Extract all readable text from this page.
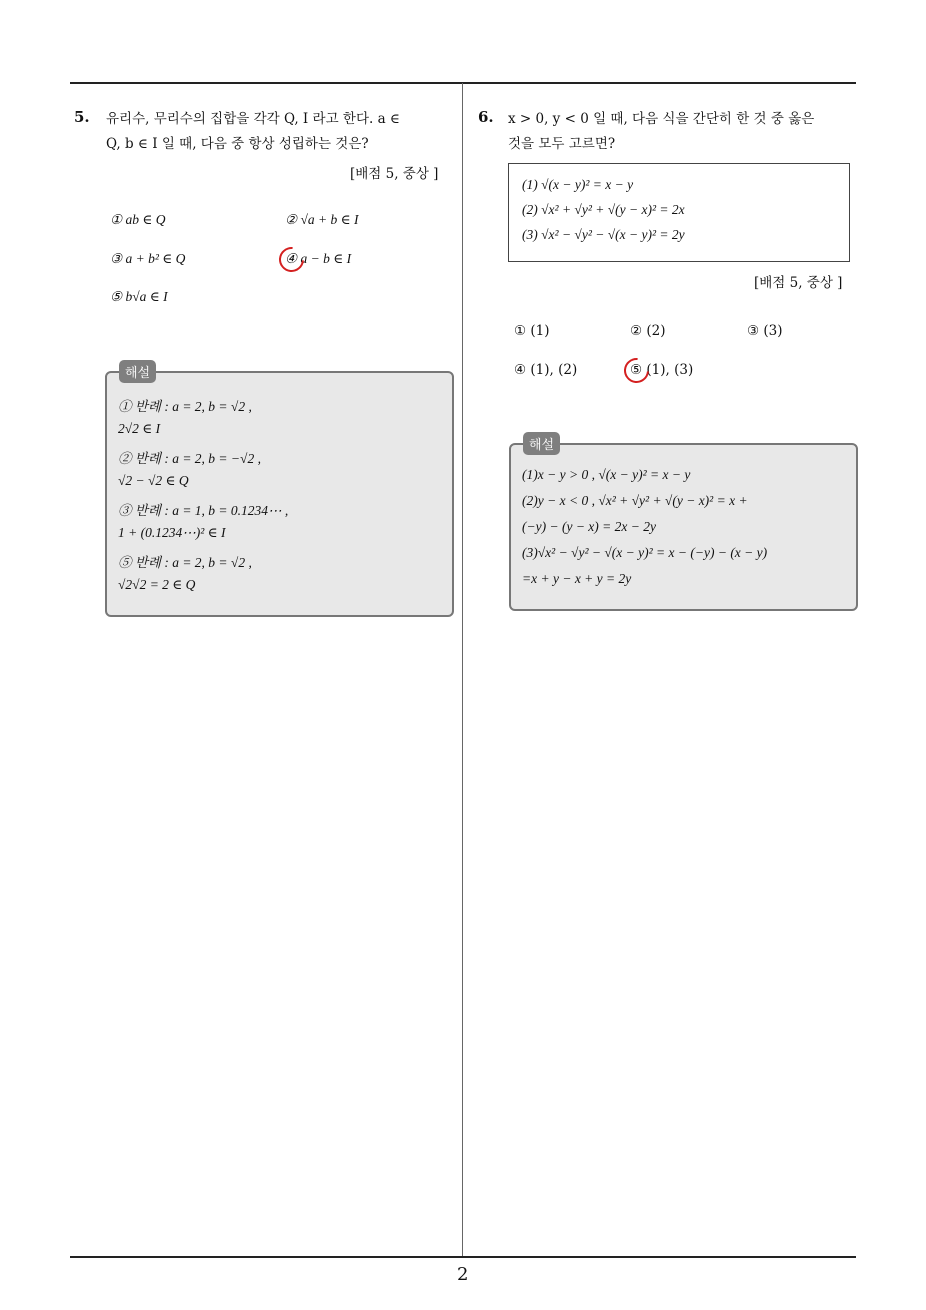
5. 유리수, 무리수의 집합을 각각 Q, I 라고 한다. a ∈
Q, b ∈ I 일 때, 다음 중 항상 성립하는 것은?
[배점 5, 중상 ]
① ab ∈ Q	② √a + b ∈ I
③ a + b² ∈ Q	④ a − b ∈ I
⑤ b√a ∈ I
해설
① 반례 : a = 2, b = √2 ,
2√2 ∈ I
② 반례 : a = 2, b = −√2 ,
√2 − √2 ∈ Q
③ 반례 : a = 1, b = 0.1234⋯ ,
1 + (0.1234⋯)² ∈ I
⑤ 반례 : a = 2, b = √2 ,
√2√2 = 2 ∈ Q
6. x > 0, y < 0 일 때, 다음 식을 간단히 한 것 중 옳은
것을 모두 고르면?
(1) √(x − y)² = x − y
(2) √x² + √y² + √(y − x)² = 2x
(3) √x² − √y² − √(x − y)² = 2y
[배점 5, 중상 ]
① (1)	② (2)	③ (3)
④ (1), (2)	⑤ (1), (3)
해설
(1)x − y > 0 , √(x − y)² = x − y
(2)y − x < 0 , √x² + √y² + √(y − x)² = x +
(−y) − (y − x) = 2x − 2y
(3)√x² − √y² − √(x − y)² = x − (−y) − (x − y)
=x + y − x + y = 2y
2
